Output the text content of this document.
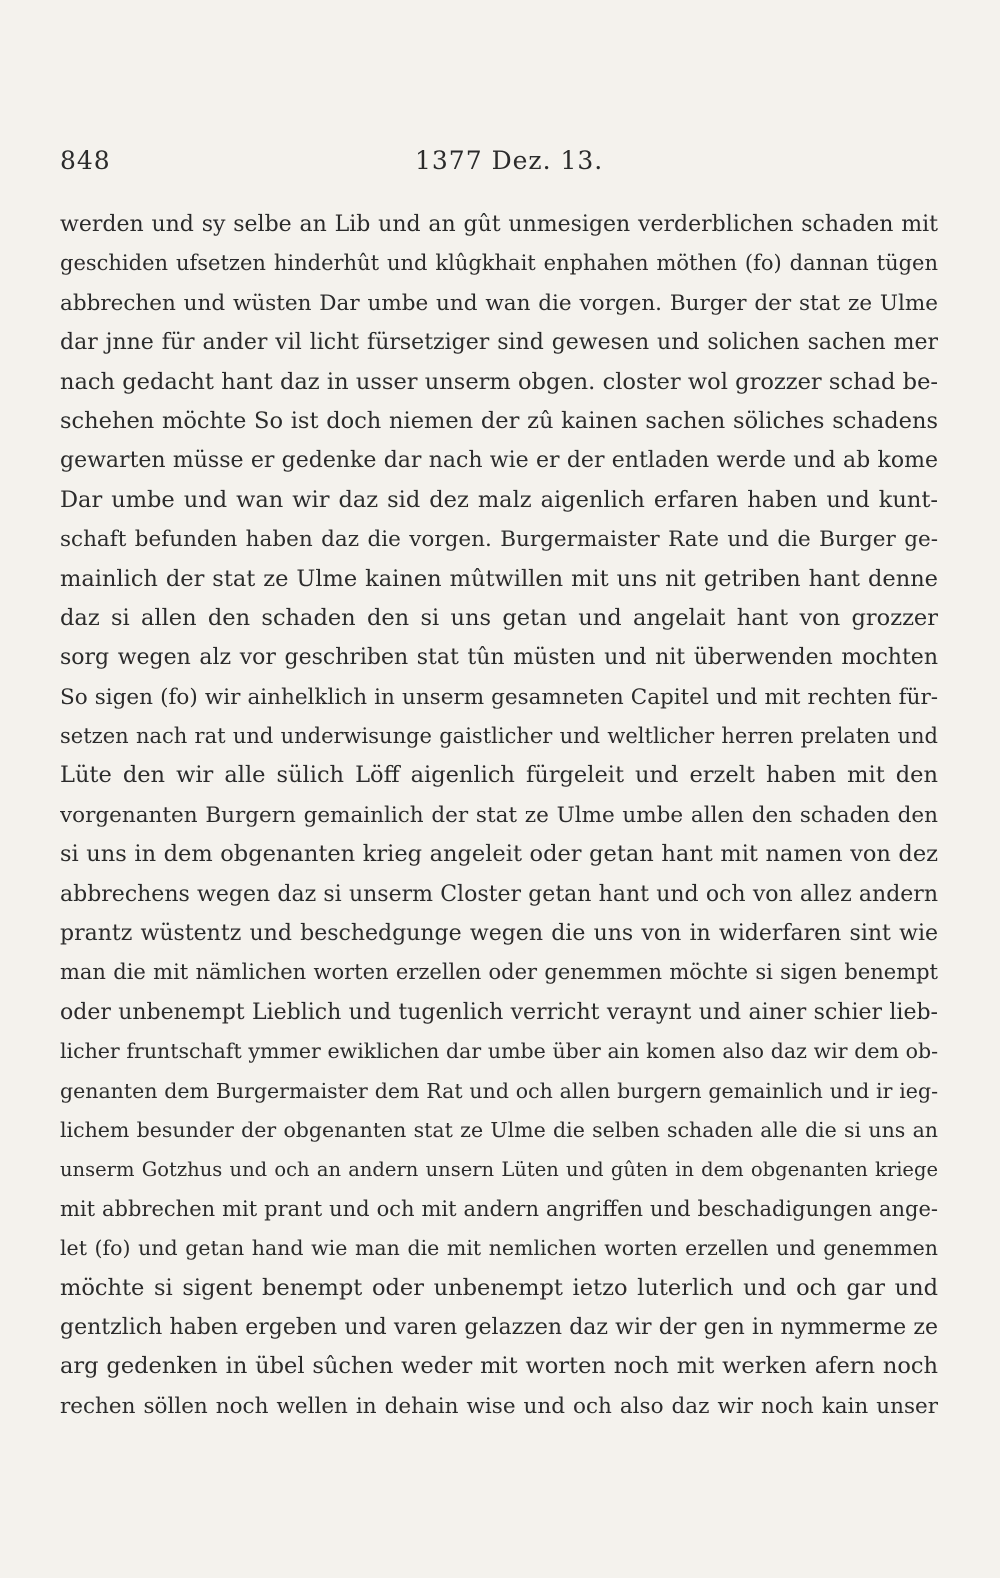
848	1377 Dez. 13.
werden und sy selbe an Lib und an gût unmesigen verderblichen schaden mit
geschiden ufsetzen hinderhût und klûgkhait enphahen möthen (fo) dannan tügen
abbrechen und wüsten Dar umbe und wan die vorgen. Burger der stat ze Ulme
dar jnne für ander vil licht fürsetziger sind gewesen und solichen sachen mer
nach gedacht hant daz in usser unserm obgen. closter wol grozzer schad be-
schehen möchte So ist doch niemen der zû kainen sachen söliches schadens
gewarten müsse er gedenke dar nach wie er der entladen werde und ab kome
Dar umbe und wan wir daz sid dez malz aigenlich erfaren haben und kunt-
schaft befunden haben daz die vorgen. Burgermaister Rate und die Burger ge-
mainlich der stat ze Ulme kainen mûtwillen mit uns nit getriben hant denne
daz si allen den schaden den si uns getan und angelait hant von grozzer
sorg wegen alz vor geschriben stat tûn müsten und nit überwenden mochten
So sigen (fo) wir ainhelklich in unserm gesamneten Capitel und mit rechten für-
setzen nach rat und underwisunge gaistlicher und weltlicher herren prelaten und
Lüte den wir alle sülich Löff aigenlich fürgeleit und erzelt haben mit den
vorgenanten Burgern gemainlich der stat ze Ulme umbe allen den schaden den
si uns in dem obgenanten krieg angeleit oder getan hant mit namen von dez
abbrechens wegen daz si unserm Closter getan hant und och von allez andern
prantz wüstentz und beschedgunge wegen die uns von in widerfaren sint wie
man die mit nämlichen worten erzellen oder genemmen möchte si sigen benempt
oder unbenempt Lieblich und tugenlich verricht veraynt und ainer schier lieb-
licher fruntschaft ymmer ewiklichen dar umbe über ain komen also daz wir dem ob-
genanten dem Burgermaister dem Rat und och allen burgern gemainlich und ir ieg-
lichem besunder der obgenanten stat ze Ulme die selben schaden alle die si uns an
unserm Gotzhus und och an andern unsern Lüten und gûten in dem obgenanten kriege
mit abbrechen mit prant und och mit andern angriffen und beschadigungen ange-
let (fo) und getan hand wie man die mit nemlichen worten erzellen und genemmen
möchte si sigent benempt oder unbenempt ietzo luterlich und och gar und
gentzlich haben ergeben und varen gelazzen daz wir der gen in nymmerme ze
arg gedenken in übel sûchen weder mit worten noch mit werken afern noch
rechen söllen noch wellen in dehain wise und och also daz wir noch kain unser
